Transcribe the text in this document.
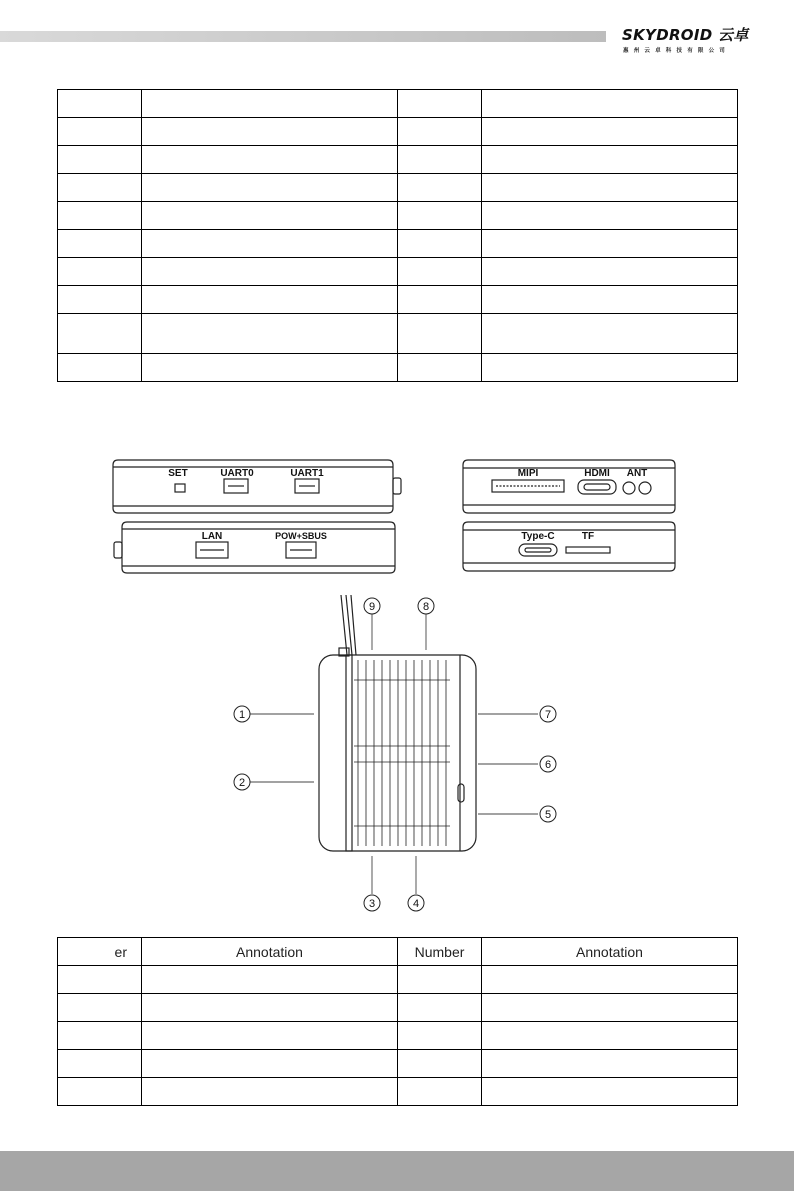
SKYDROID 云卓
惠州云卓科技有限公司

SET	UART0	UART1
LAN	POW+SBUS
MIPI	HDMI ANT
Type-C	TF
1
2
3	4
5
6
7
8
9
er	Annotation	Number	Annotation
